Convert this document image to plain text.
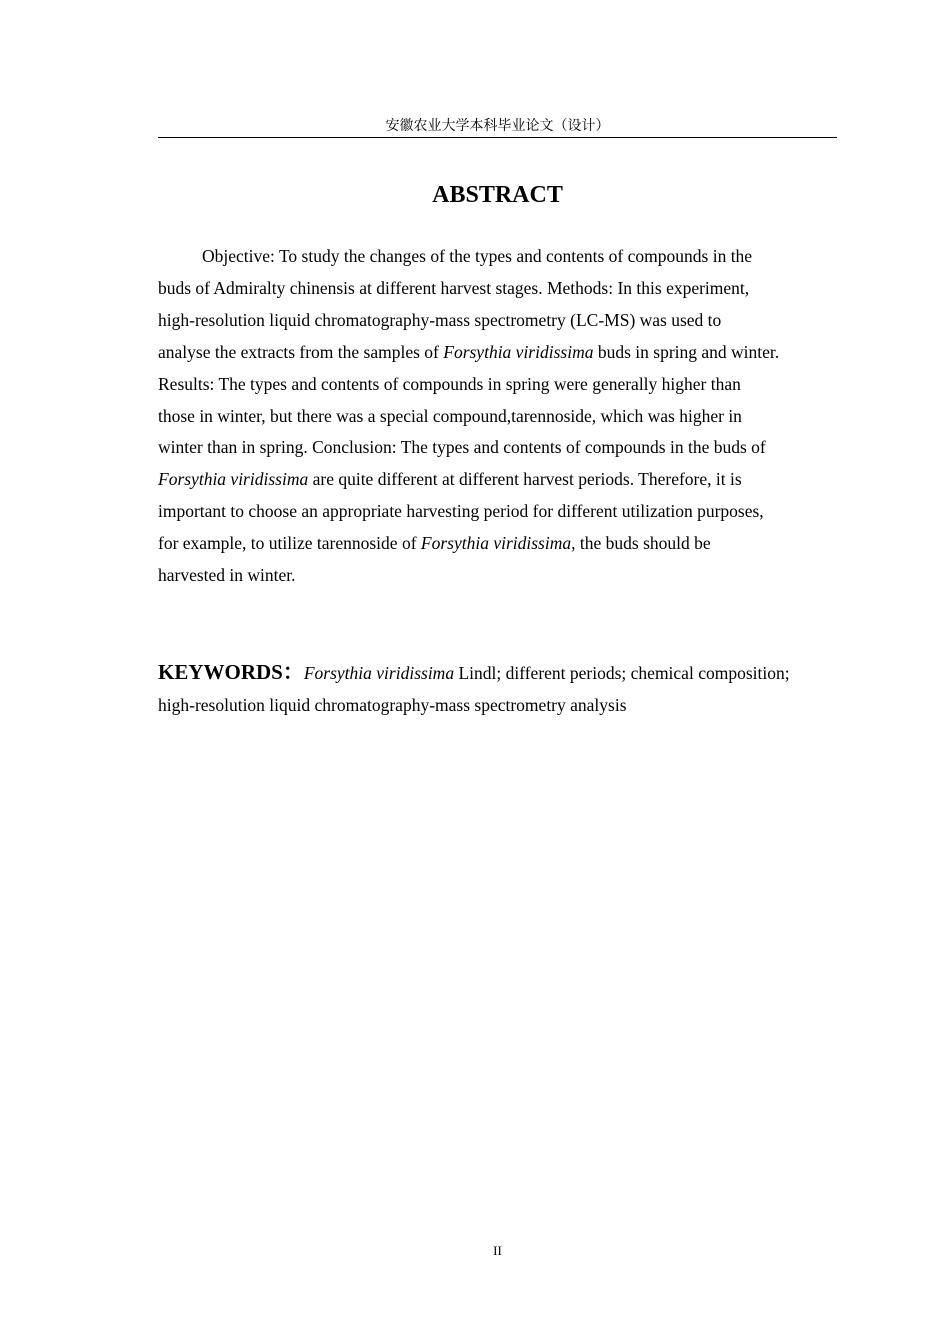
安徽农业大学本科毕业论文（设计）
ABSTRACT
Objective: To study the changes of the types and contents of compounds in the
buds of Admiralty chinensis at different harvest stages. Methods: In this experiment,
high-resolution liquid chromatography-mass spectrometry (LC-MS) was used to
analyse the extracts from the samples of Forsythia viridissima buds in spring and winter.
Results: The types and contents of compounds in spring were generally higher than
those in winter, but there was a special compound,tarennoside, which was higher in
winter than in spring. Conclusion: The types and contents of compounds in the buds of
Forsythia viridissima are quite different at different harvest periods. Therefore, it is
important to choose an appropriate harvesting period for different utilization purposes,
for example, to utilize tarennoside of Forsythia viridissima, the buds should be
harvested in winter.
KEYWORDS：Forsythia viridissima Lindl; different periods; chemical composition;
high-resolution liquid chromatography-mass spectrometry analysis
II
